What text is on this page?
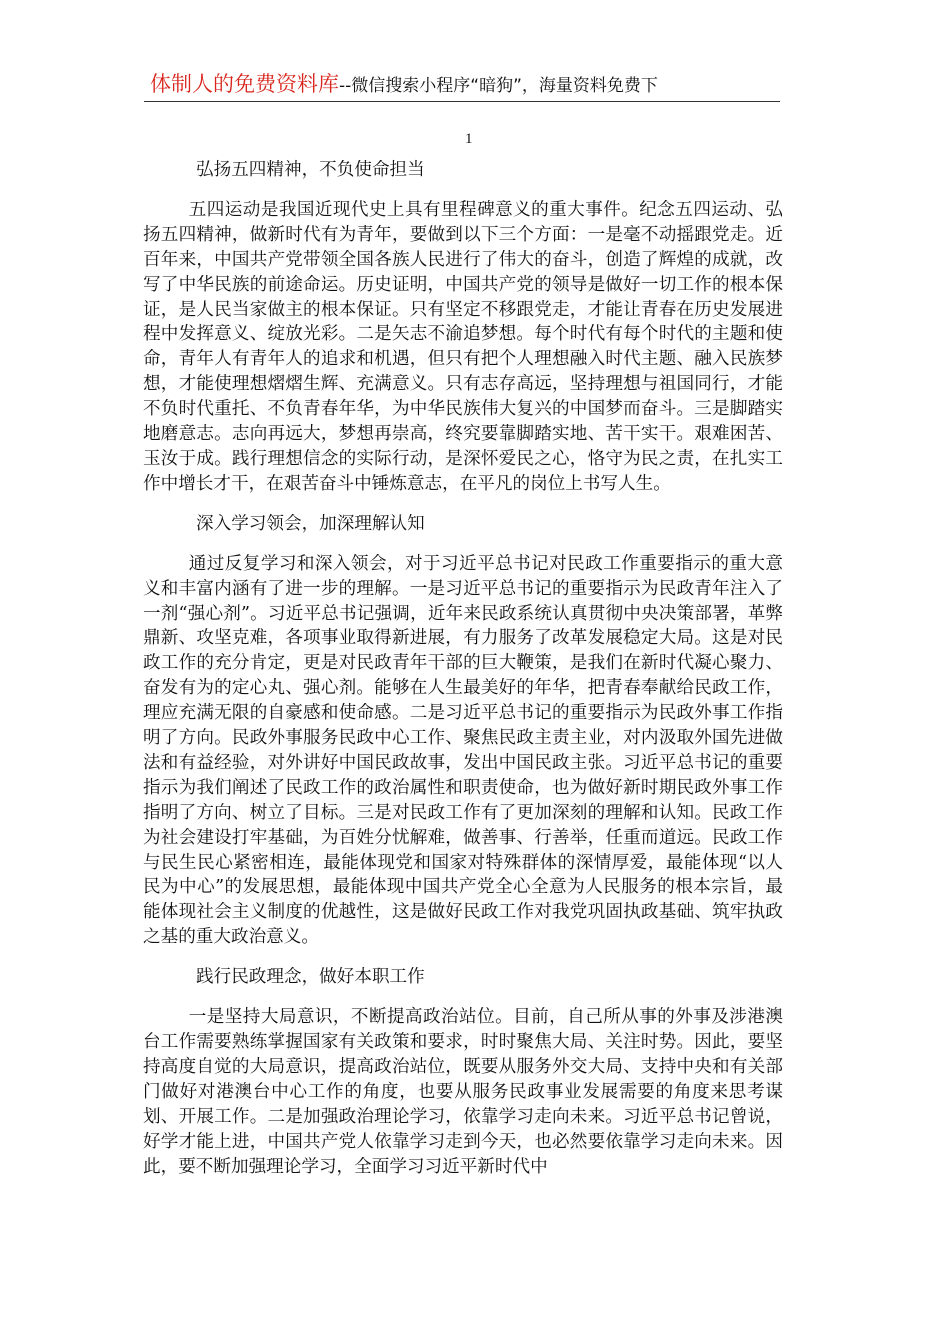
体制人的免费资料库--微信搜索小程序“暗狗”，海量资料免费下
1
弘扬五四精神，不负使命担当

五四运动是我国近现代史上具有里程碑意义的重大事件。纪念五四运动、弘扬五四精神，做新时代有为青年，要做到以下三个方面：一是毫不动摇跟党走。近百年来，中国共产党带领全国各族人民进行了伟大的奋斗，创造了辉煌的成就，改写了中华民族的前途命运。历史证明，中国共产党的领导是做好一切工作的根本保证，是人民当家做主的根本保证。只有坚定不移跟党走，才能让青春在历史发展进程中发挥意义、绽放光彩。二是矢志不渝追梦想。每个时代有每个时代的主题和使命，青年人有青年人的追求和机遇，但只有把个人理想融入时代主题、融入民族梦想，才能使理想熠熠生辉、充满意义。只有志存高远，坚持理想与祖国同行，才能不负时代重托、不负青春年华，为中华民族伟大复兴的中国梦而奋斗。三是脚踏实地磨意志。志向再远大，梦想再崇高，终究要靠脚踏实地、苦干实干。艰难困苦、玉汝于成。践行理想信念的实际行动，是深怀爱民之心，恪守为民之责，在扎实工作中增长才干，在艰苦奋斗中锤炼意志，在平凡的岗位上书写人生。

深入学习领会，加深理解认知

通过反复学习和深入领会，对于习近平总书记对民政工作重要指示的重大意义和丰富内涵有了进一步的理解。一是习近平总书记的重要指示为民政青年注入了一剂“强心剂”。习近平总书记强调，近年来民政系统认真贯彻中央决策部署，革弊鼎新、攻坚克难，各项事业取得新进展，有力服务了改革发展稳定大局。这是对民政工作的充分肯定，更是对民政青年干部的巨大鞭策，是我们在新时代凝心聚力、奋发有为的定心丸、强心剂。能够在人生最美好的年华，把青春奉献给民政工作，理应充满无限的自豪感和使命感。二是习近平总书记的重要指示为民政外事工作指明了方向。民政外事服务民政中心工作、聚焦民政主责主业，对内汲取外国先进做法和有益经验，对外讲好中国民政故事，发出中国民政主张。习近平总书记的重要指示为我们阐述了民政工作的政治属性和职责使命，也为做好新时期民政外事工作指明了方向、树立了目标。三是对民政工作有了更加深刻的理解和认知。民政工作为社会建设打牢基础，为百姓分忧解难，做善事、行善举，任重而道远。民政工作与民生民心紧密相连，最能体现党和国家对特殊群体的深情厚爱，最能体现“以人民为中心”的发展思想，最能体现中国共产党全心全意为人民服务的根本宗旨，最能体现社会主义制度的优越性，这是做好民政工作对我党巩固执政基础、筑牢执政之基的重大政治意义。

践行民政理念，做好本职工作

一是坚持大局意识，不断提高政治站位。目前，自己所从事的外事及涉港澳台工作需要熟练掌握国家有关政策和要求，时时聚焦大局、关注时势。因此，要坚持高度自觉的大局意识，提高政治站位，既要从服务外交大局、支持中央和有关部门做好对港澳台中心工作的角度，也要从服务民政事业发展需要的角度来思考谋划、开展工作。二是加强政治理论学习，依靠学习走向未来。习近平总书记曾说，好学才能上进，中国共产党人依靠学习走到今天，也必然要依靠学习走向未来。因此，要不断加强理论学习，全面学习习近平新时代中
